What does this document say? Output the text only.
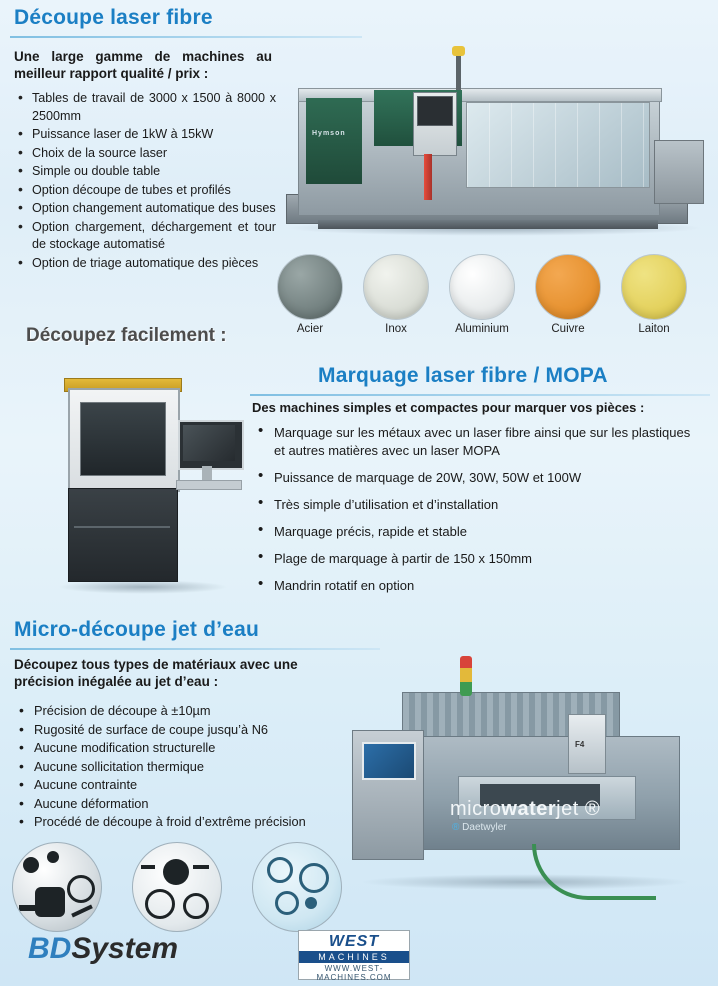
Découpe laser fibre
Une large gamme de machines au meilleur rapport qualité / prix :
• Tables de travail de 3000 x 1500 à 8000 x 2500mm
• Puissance laser de 1kW à 15kW
• Choix de la source laser
• Simple ou double table
• Option découpe de tubes et profilés
• Option changement automatique des buses
• Option chargement, déchargement et tour de stockage automatisé
• Option de triage automatique des pièces
Hymson
Acier	Inox	Aluminium	Cuivre	Laiton
Découpez facilement :
Marquage laser fibre / MOPA
Des machines simples et compactes pour marquer vos pièces :
• Marquage sur les métaux avec un laser fibre ainsi que sur les plastiques et autres matières avec un laser MOPA
• Puissance de marquage de 20W, 30W, 50W et 100W
• Très simple d’utilisation et d’installation
• Marquage précis, rapide et stable
• Plage de marquage à partir de 150 x 150mm
• Mandrin rotatif en option
Micro-découpe jet d’eau
Découpez tous types de matériaux avec une précision inégalée au jet d’eau :
• Précision de découpe à ±10µm
• Rugosité de surface de coupe jusqu’à N6
• Aucune modification structurelle
• Aucune sollicitation thermique
• Aucune contrainte
• Aucune déformation
• Procédé de découpe à froid d’extrême précision
F4
microwaterjet ®
® Daetwyler
BDSystem	WEST
MACHINES
WWW.WEST-MACHINES.COM
